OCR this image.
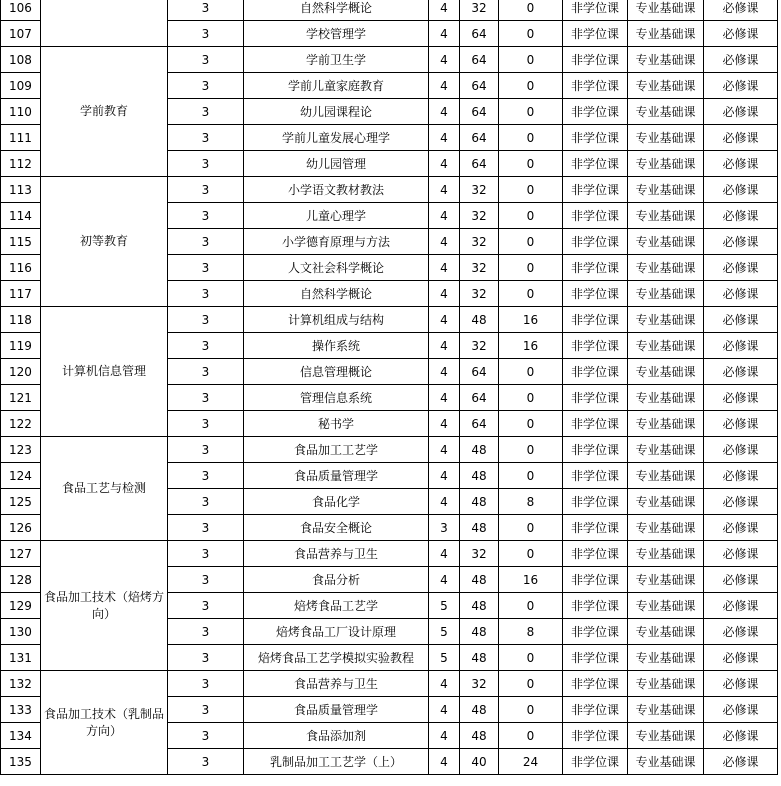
106		3	自然科学概论	4	32	0	非学位课	专业基础课	必修课
107		3	学校管理学	4	64	0	非学位课	专业基础课	必修课
108	学前教育	3	学前卫生学	4	64	0	非学位课	专业基础课	必修课
109		3	学前儿童家庭教育	4	64	0	非学位课	专业基础课	必修课
110		3	幼儿园课程论	4	64	0	非学位课	专业基础课	必修课
111		3	学前儿童发展心理学	4	64	0	非学位课	专业基础课	必修课
112		3	幼儿园管理	4	64	0	非学位课	专业基础课	必修课
113	初等教育	3	小学语文教材教法	4	32	0	非学位课	专业基础课	必修课
114		3	儿童心理学	4	32	0	非学位课	专业基础课	必修课
115		3	小学德育原理与方法	4	32	0	非学位课	专业基础课	必修课
116		3	人文社会科学概论	4	32	0	非学位课	专业基础课	必修课
117		3	自然科学概论	4	32	0	非学位课	专业基础课	必修课
118	计算机信息管理	3	计算机组成与结构	4	48	16	非学位课	专业基础课	必修课
119		3	操作系统	4	32	16	非学位课	专业基础课	必修课
120		3	信息管理概论	4	64	0	非学位课	专业基础课	必修课
121		3	管理信息系统	4	64	0	非学位课	专业基础课	必修课
122		3	秘书学	4	64	0	非学位课	专业基础课	必修课
123	食品工艺与检测	3	食品加工工艺学	4	48	0	非学位课	专业基础课	必修课
124		3	食品质量管理学	4	48	0	非学位课	专业基础课	必修课
125		3	食品化学	4	48	8	非学位课	专业基础课	必修课
126		3	食品安全概论	3	48	0	非学位课	专业基础课	必修课
127	食品加工技术（焙烤方向）	3	食品营养与卫生	4	32	0	非学位课	专业基础课	必修课
128		3	食品分析	4	48	16	非学位课	专业基础课	必修课
129		3	焙烤食品工艺学	5	48	0	非学位课	专业基础课	必修课
130		3	焙烤食品工厂设计原理	5	48	8	非学位课	专业基础课	必修课
131		3	焙烤食品工艺学模拟实验教程	5	48	0	非学位课	专业基础课	必修课
132	食品加工技术（乳制品方向）	3	食品营养与卫生	4	32	0	非学位课	专业基础课	必修课
133		3	食品质量管理学	4	48	0	非学位课	专业基础课	必修课
134		3	食品添加剂	4	48	0	非学位课	专业基础课	必修课
135		3	乳制品加工工艺学（上）	4	40	24	非学位课	专业基础课	必修课
